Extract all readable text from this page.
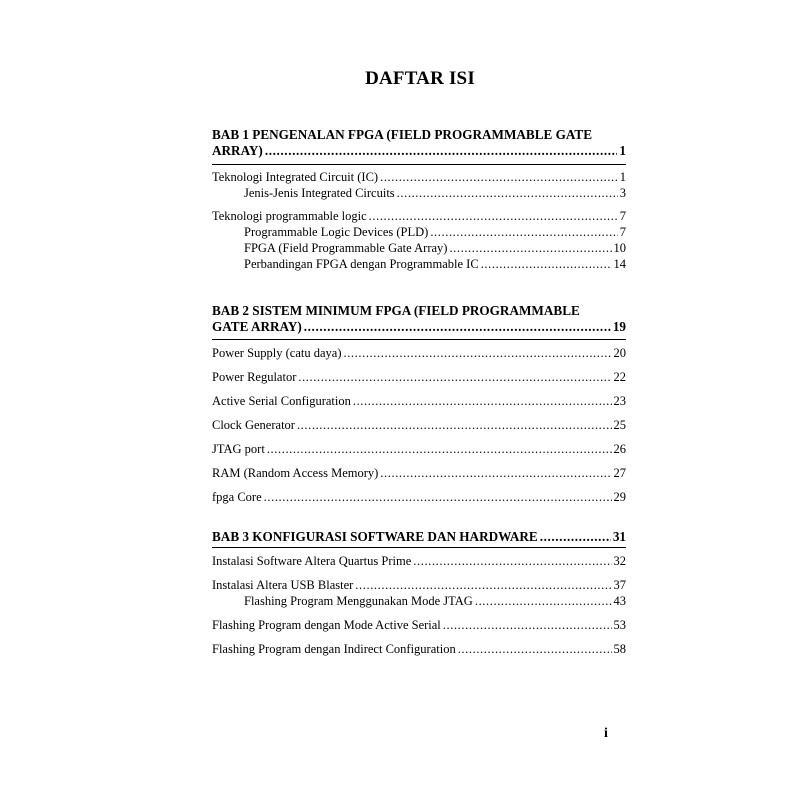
DAFTAR ISI
BAB 1 PENGENALAN FPGA (FIELD PROGRAMMABLE GATE
ARRAY) .....	1
Teknologi Integrated Circuit (IC) .....	1
Jenis-Jenis Integrated Circuits .....	3
Teknologi programmable logic .....	7
Programmable Logic Devices (PLD) .....	7
FPGA (Field Programmable Gate Array) .....	10
Perbandingan FPGA dengan Programmable IC .....	14
BAB 2 SISTEM MINIMUM FPGA (FIELD PROGRAMMABLE
GATE ARRAY) .....	19
Power Supply (catu daya) .....	20
Power Regulator .....	22
Active Serial Configuration .....	23
Clock Generator .....	25
JTAG port .....	26
RAM (Random Access Memory) .....	27
fpga Core .....	29
BAB 3 KONFIGURASI SOFTWARE DAN HARDWARE .....	31
Instalasi Software Altera Quartus Prime .....	32
Instalasi Altera USB Blaster .....	37
Flashing Program Menggunakan Mode JTAG .....	43
Flashing Program dengan Mode Active Serial .....	53
Flashing Program dengan Indirect Configuration .....	58
i
